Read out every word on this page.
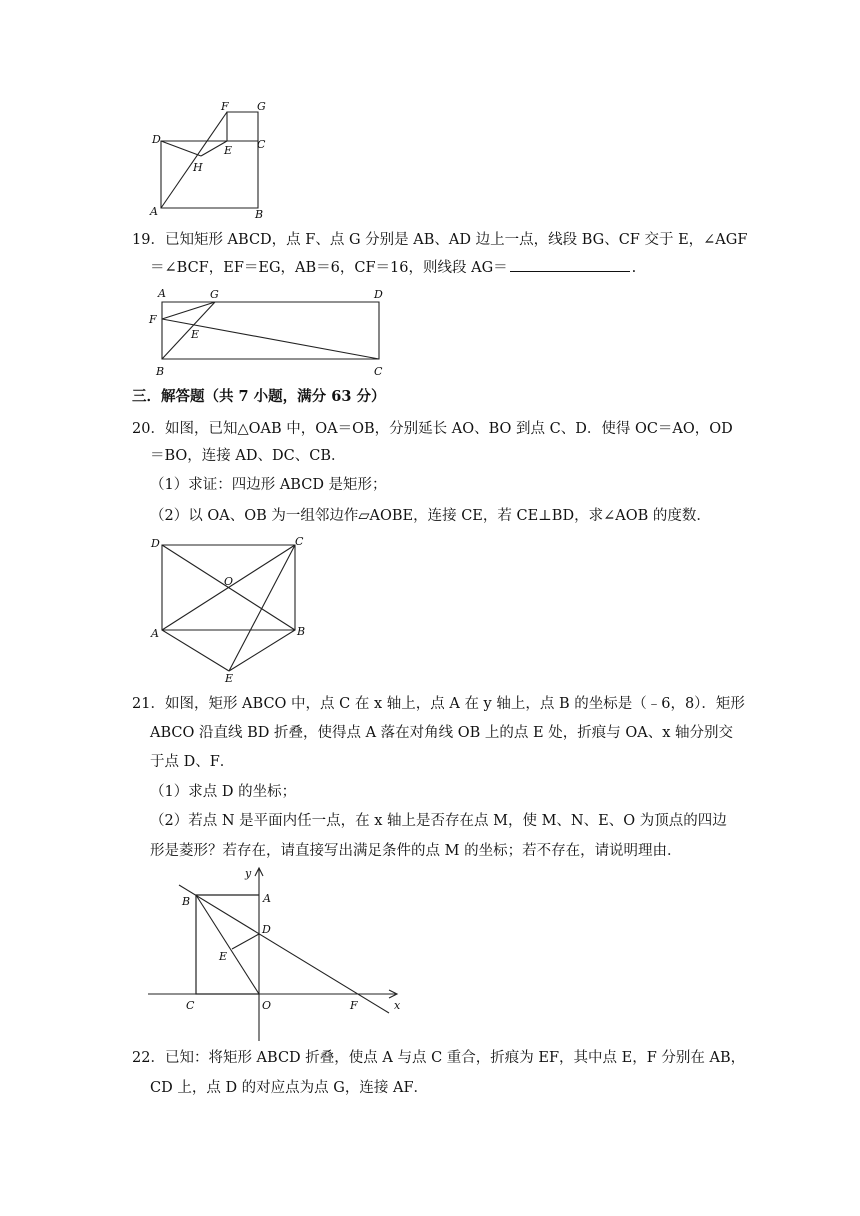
F	G
D
E C
H
A	B
19．已知矩形 ABCD，点 F、点 G 分别是 AB、AD 边上一点，线段 BG、CF 交于 E，∠AGF
＝∠BCF，EF＝EG，AB＝6，CF＝16，则线段 AG＝	.
A	G	D
F
E
B	C
三．解答题（共 7 小题，满分 63 分）
20．如图，已知△OAB 中，OA＝OB，分别延长 AO、BO 到点 C、D．使得 OC＝AO，OD
＝BO，连接 AD、DC、CB．
（1）求证：四边形 ABCD 是矩形；
（2）以 OA、OB 为一组邻边作▱AOBE，连接 CE，若 CE⊥BD，求∠AOB 的度数．
D	C
O
A	B
E
21．如图，矩形 ABCO 中，点 C 在 x 轴上，点 A 在 y 轴上，点 B 的坐标是（﹣6，8）．矩形
ABCO 沿直线 BD 折叠，使得点 A 落在对角线 OB 上的点 E 处，折痕与 OA、x 轴分别交
于点 D、F．
（1）求点 D 的坐标；
（2）若点 N 是平面内任一点，在 x 轴上是否存在点 M，使 M、N、E、O 为顶点的四边
形是菱形？若存在，请直接写出满足条件的点 M 的坐标；若不存在，请说明理由．
y
A
B
D
E
C	O	F	x
22．已知：将矩形 ABCD 折叠，使点 A 与点 C 重合，折痕为 EF，其中点 E，F 分别在 AB，
CD 上，点 D 的对应点为点 G，连接 AF．
